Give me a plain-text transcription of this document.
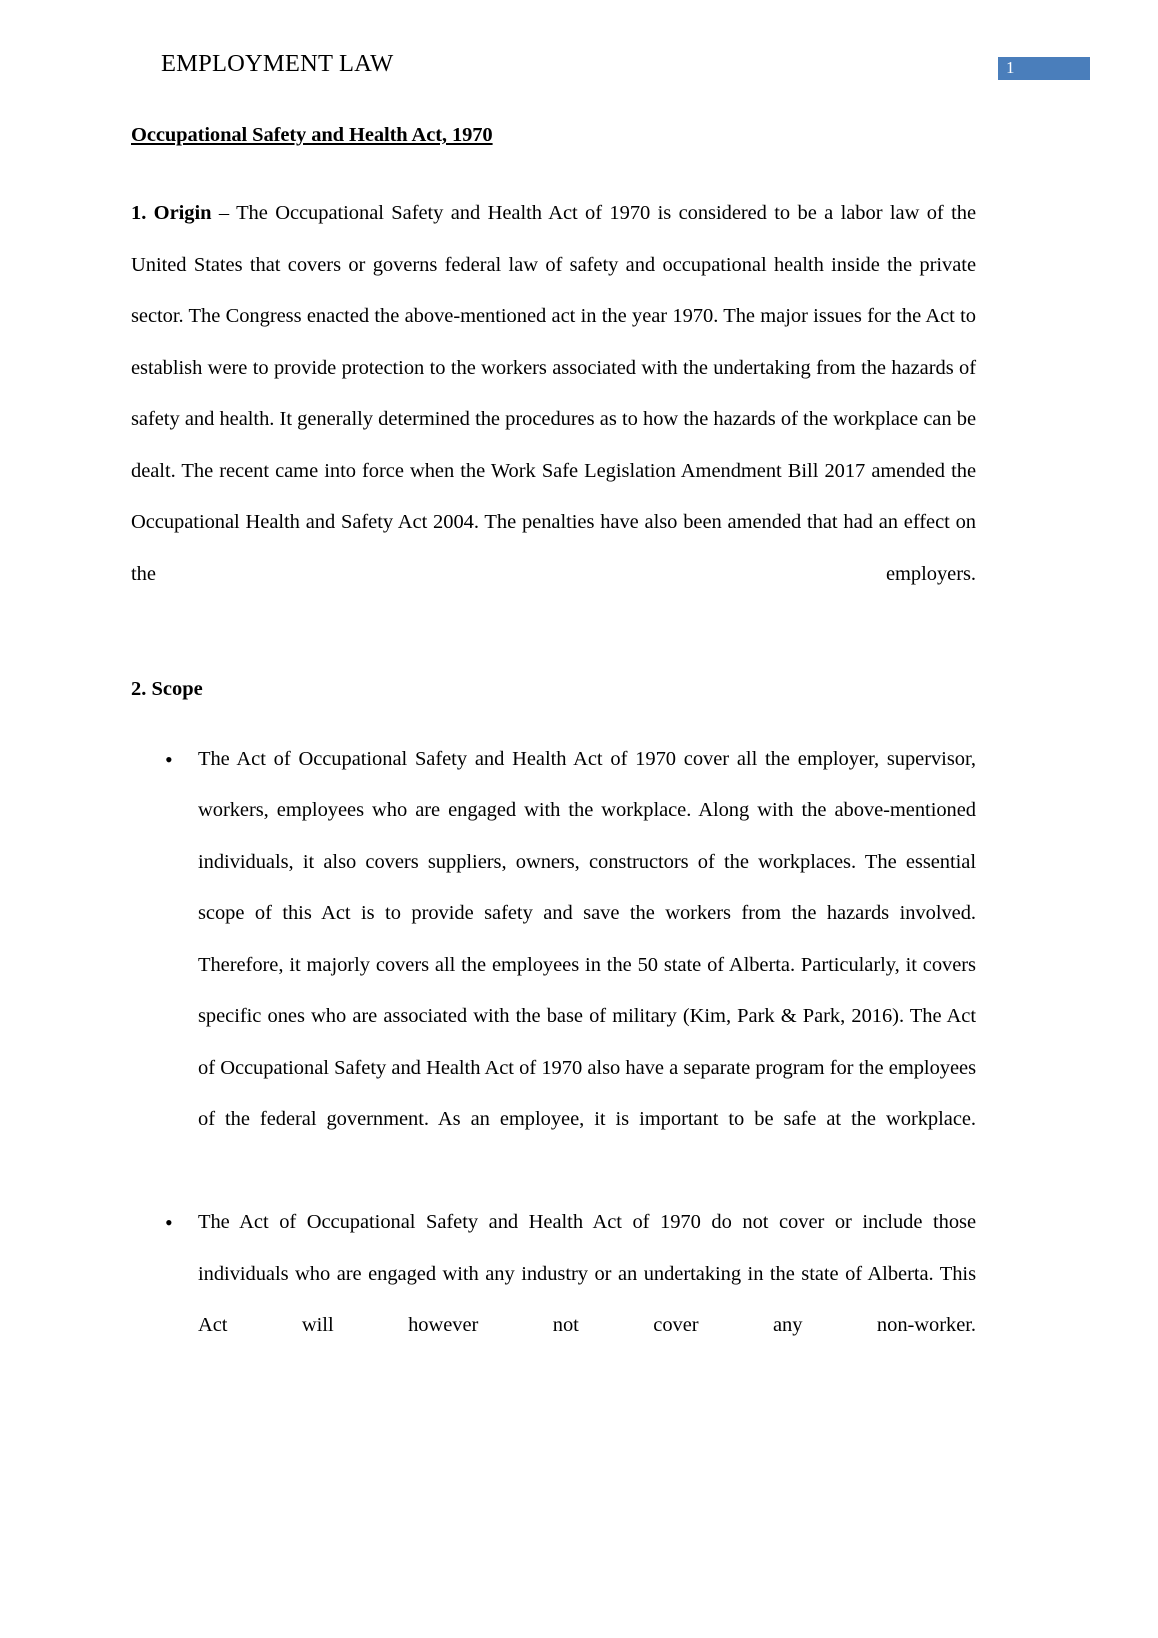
EMPLOYMENT LAW	1
Occupational Safety and Health Act, 1970

1. Origin – The Occupational Safety and Health Act of 1970 is considered to be a labor law of the United States that covers or governs federal law of safety and occupational health inside the private sector. The Congress enacted the above-mentioned act in the year 1970. The major issues for the Act to establish were to provide protection to the workers associated with the undertaking from the hazards of safety and health. It generally determined the procedures as to how the hazards of the workplace can be dealt. The recent came into force when the Work Safe Legislation Amendment Bill 2017 amended the Occupational Health and Safety Act 2004. The penalties have also been amended that had an effect on the employers.

2. Scope
•	The Act of Occupational Safety and Health Act of 1970 cover all the employer, supervisor, workers, employees who are engaged with the workplace. Along with the above-mentioned individuals, it also covers suppliers, owners, constructors of the workplaces. The essential scope of this Act is to provide safety and save the workers from the hazards involved. Therefore, it majorly covers all the employees in the 50 state of Alberta. Particularly, it covers specific ones who are associated with the base of military (Kim, Park & Park, 2016). The Act of Occupational Safety and Health Act of 1970 also have a separate program for the employees of the federal government. As an employee, it is important to be safe at the workplace.
•	The Act of Occupational Safety and Health Act of 1970 do not cover or include those individuals who are engaged with any industry or an undertaking in the state of Alberta. This Act will however not cover any non-worker.
